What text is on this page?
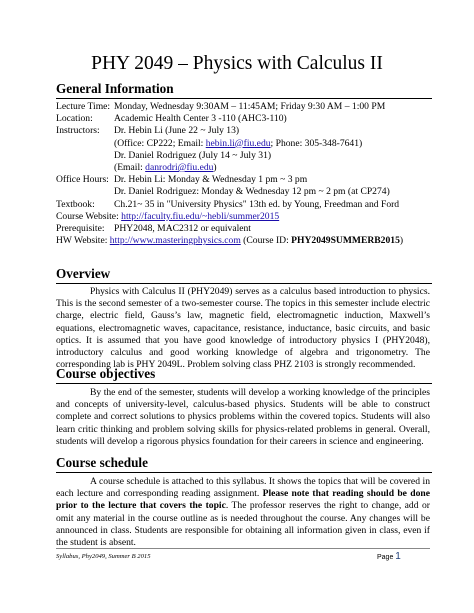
PHY 2049 – Physics with Calculus II
General Information
Lecture Time: Monday, Wednesday 9:30AM – 11:45AM; Friday 9:30 AM – 1:00 PM
Location: Academic Health Center 3 -110 (AHC3-110)
Instructors: Dr. Hebin Li (June 22 ~ July 13)
(Office: CP222; Email: hebin.li@fiu.edu; Phone: 305-348-7641)
Dr. Daniel Rodriguez (July 14 ~ July 31)
(Email: danrodri@fiu.edu)
Office Hours: Dr. Hebin Li: Monday & Wednesday 1 pm ~ 3 pm
Dr. Daniel Rodriguez: Monday & Wednesday 12 pm ~ 2 pm (at CP274)
Textbook: Ch.21~ 35 in "University Physics" 13th ed. by Young, Freedman and Ford
Course Website: http://faculty.fiu.edu/~hebli/summer2015
Prerequisite: PHY2048, MAC2312 or equivalent
HW Website: http://www.masteringphysics.com (Course ID: PHY2049SUMMERB2015)
Overview

Physics with Calculus II (PHY2049) serves as a calculus based introduction to physics. This is the second semester of a two-semester course. The topics in this semester include electric charge, electric field, Gauss’s law, magnetic field, electromagnetic induction, Maxwell’s equations, electromagnetic waves, capacitance, resistance, inductance, basic circuits, and basic optics. It is assumed that you have good knowledge of introductory physics I (PHY2048), introductory calculus and good working knowledge of algebra and trigonometry. The corresponding lab is PHY 2049L. Problem solving class PHZ 2103 is strongly recommended.

Course objectives

By the end of the semester, students will develop a working knowledge of the principles and concepts of university-level, calculus-based physics. Students will be able to construct complete and correct solutions to physics problems within the covered topics. Students will also learn critic thinking and problem solving skills for physics-related problems in general. Overall, students will develop a rigorous physics foundation for their careers in science and engineering.

Course schedule

A course schedule is attached to this syllabus. It shows the topics that will be covered in each lecture and corresponding reading assignment. Please note that reading should be done prior to the lecture that covers the topic. The professor reserves the right to change, add or omit any material in the course outline as is needed throughout the course. Any changes will be announced in class. Students are responsible for obtaining all information given in class, even if the student is absent.

Syllabus, Phy2049, Summer B 2015	Page 1
